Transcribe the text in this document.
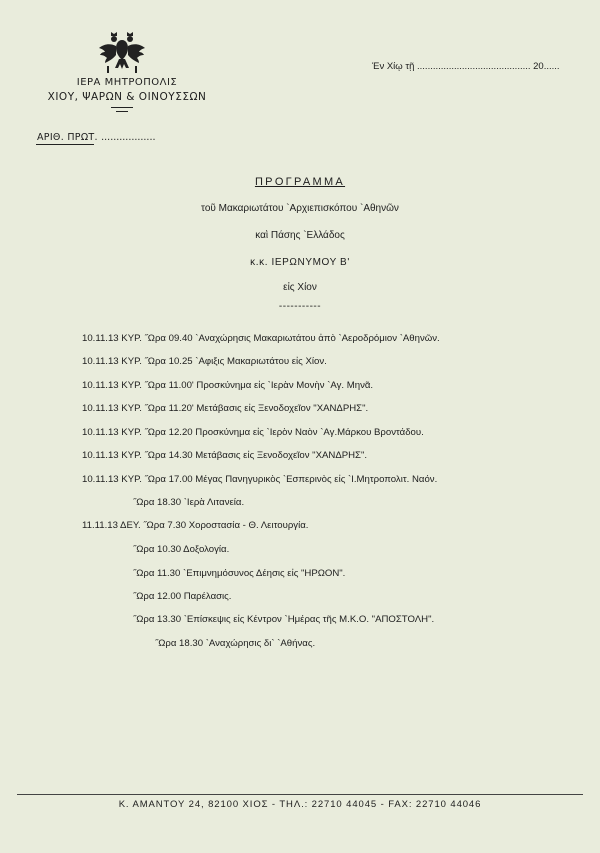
ΙΕΡΑ ΜΗΤΡΟΠΟΛΙΣ
ΧΙΟΥ, ΨΑΡΩΝ & ΟΙΝΟΥΣΣΩΝ
ΑΡΙΘ. ΠΡΩΤ. ..................
Έν Χίῳ τῇ ........................................... 20......
ΠΡΟΓΡΑΜΜΑ
τοῦ Μακαριωτάτου `Αρχιεπισκόπου `Αθηνῶν
καὶ Πάσης `Ελλάδος
κ.κ. ΙΕΡΩΝΥΜΟΥ Β'
εἰς Χίον
-----------
10.11.13 ΚΥΡ. ˝Ωρα 09.40 `Αναχώρησις Μακαριωτάτου ἀπὸ `Αεροδρόμιον `Αθηνῶν.
10.11.13 ΚΥΡ. ˝Ωρα 10.25 `Αφιξις Μακαριωτάτου εἰς Χίον.
10.11.13 ΚΥΡ. ˝Ωρα 11.00' Προσκύνημα εἰς `Ιερὰν Μονὴν `Αγ. Μηνᾶ.
10.11.13 ΚΥΡ. ˝Ωρα 11.20' Μετάβασις εἰς Ξενοδοχεῖον "ΧΑΝΔΡΗΣ".
10.11.13 ΚΥΡ. ˝Ωρα 12.20 Προσκύνημα εἰς `Ιερὸν Ναὸν `Αγ.Μάρκου Βροντάδου.
10.11.13 ΚΥΡ. ˝Ωρα 14.30 Μετάβασις εἰς Ξενοδοχεῖον "ΧΑΝΔΡΗΣ".
10.11.13 ΚΥΡ. ˝Ωρα 17.00 Μέγας Πανηγυρικὸς `Εσπερινὸς εἰς `Ι.Μητροπολιτ. Ναόν.
˝Ωρα 18.30 `Ιερὰ Λιτανεία.
11.11.13 ΔΕΥ. ˝Ωρα 7.30 Χοροστασία - Θ. Λειτουργία.
˝Ωρα 10.30 Δοξολογία.
˝Ωρα 11.30 `Επιμνημόσυνος Δέησις εἰς "ΗΡΩΟΝ".
˝Ωρα 12.00 Παρέλασις.
˝Ωρα 13.30 `Επίσκεψις εἰς Κέντρον `Ημέρας τῆς Μ.Κ.Ο. "ΑΠΟΣΤΟΛΗ".
˝Ωρα 18.30 `Αναχώρησις δι` `Αθήνας.
Κ. ΑΜΑΝΤΟΥ 24, 82100 ΧΙΟΣ - ΤΗΛ.: 22710 44045 - FAX: 22710 44046
